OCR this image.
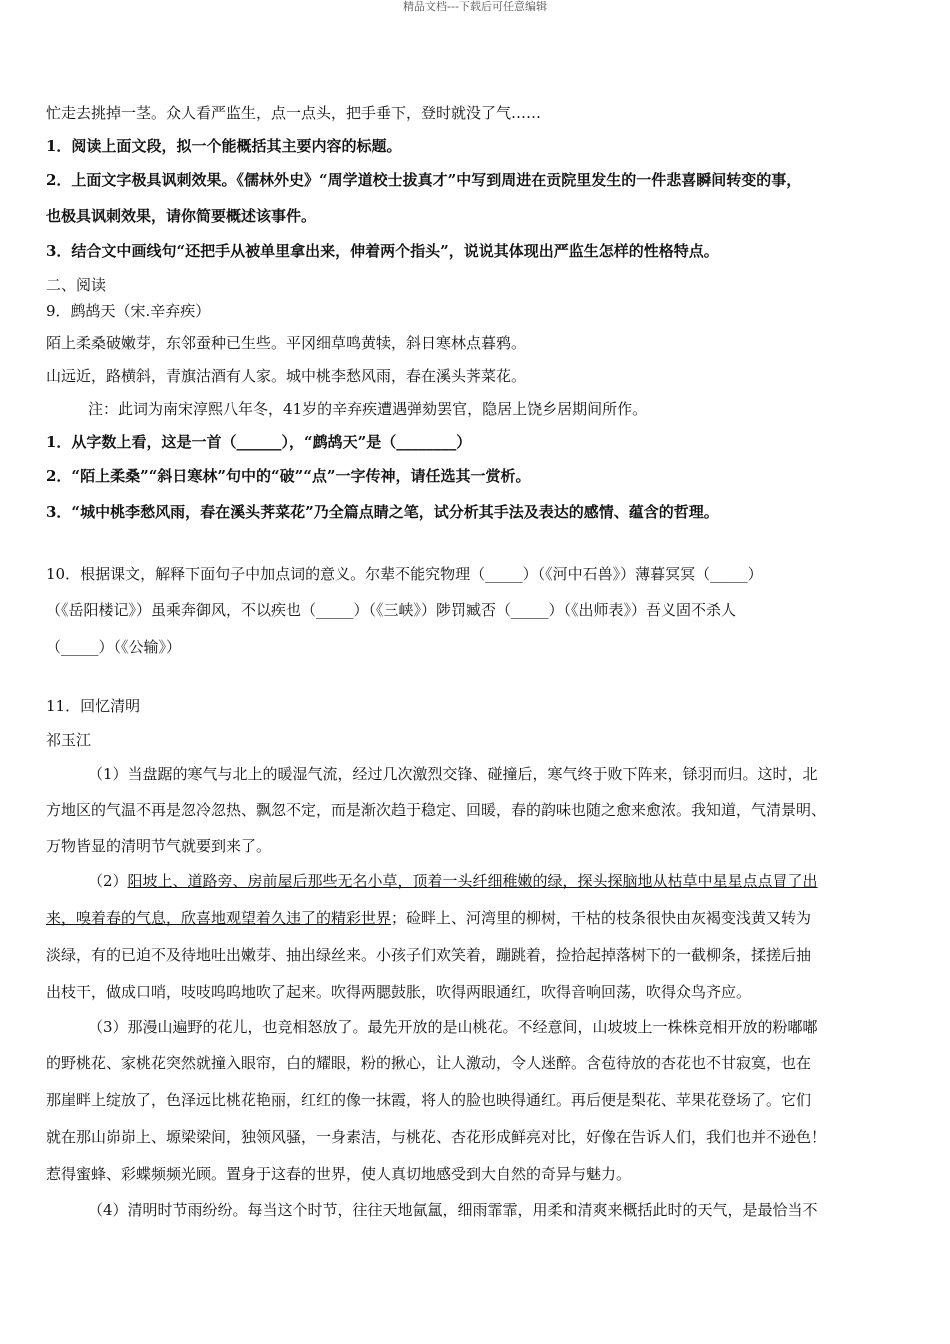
精品文档---下载后可任意编辑
忙走去挑掉一茎。众人看严监生，点一点头，把手垂下，登时就没了气……
1．阅读上面文段，拟一个能概括其主要内容的标题。
2．上面文字极具讽刺效果。《儒林外史》“周学道校士拔真才”中写到周进在贡院里发生的一件悲喜瞬间转变的事，
也极具讽刺效果，请你简要概述该事件。
3．结合文中画线句“还把手从被单里拿出来，伸着两个指头”，说说其体现出严监生怎样的性格特点。
二、阅读
9．鹧鸪天（宋.辛弃疾）
陌上柔桑破嫩芽，东邻蚕种已生些。平冈细草鸣黄犊，斜日寒林点暮鸦。
山远近，路横斜，青旗沽酒有人家。城中桃李愁风雨，春在溪头荠菜花。
注：此词为南宋淳熙八年冬，41岁的辛弃疾遭遇弹劾罢官，隐居上饶乡居期间所作。
1．从字数上看，这是一首（______），“鹧鸪天”是（________）
2．“陌上柔桑”“斜日寒林”句中的“破”“点”一字传神，请任选其一赏析。
3．“城中桃李愁风雨，春在溪头荠菜花”乃全篇点睛之笔，试分析其手法及表达的感情、蕴含的哲理。
10．根据课文，解释下面句子中加点词的意义。尔辈不能究物理（_____）（《河中石兽》）薄暮冥冥（_____）
（《岳阳楼记》）虽乘奔御风，不以疾也（_____）（《三峡》）陟罚臧否（_____）（《出师表》）吾义固不杀人
（_____）（《公输》）
11．回忆清明
祁玉江
（1）当盘踞的寒气与北上的暖湿气流，经过几次激烈交锋、碰撞后，寒气终于败下阵来，铩羽而归。这时，北
方地区的气温不再是忽冷忽热、飘忽不定，而是渐次趋于稳定、回暖，春的韵味也随之愈来愈浓。我知道，气清景明、
万物皆显的清明节气就要到来了。
（2）阳坡上、道路旁、房前屋后那些无名小草，顶着一头纤细稚嫩的绿，探头探脑地从枯草中星星点点冒了出
来，嗅着春的气息，欣喜地观望着久违了的精彩世界；硷畔上、河湾里的柳树，干枯的枝条很快由灰褐变浅黄又转为
淡绿，有的已迫不及待地吐出嫩芽、抽出绿丝来。小孩子们欢笑着，蹦跳着，捡拾起掉落树下的一截柳条，揉搓后抽
出枝干，做成口哨，吱吱呜呜地吹了起来。吹得两腮鼓胀，吹得两眼通红，吹得音响回荡，吹得众鸟齐应。
（3）那漫山遍野的花儿，也竞相怒放了。最先开放的是山桃花。不经意间，山坡坡上一株株竞相开放的粉嘟嘟
的野桃花、家桃花突然就撞入眼帘，白的耀眼，粉的揪心，让人激动，令人迷醉。含苞待放的杏花也不甘寂寞，也在
那崖畔上绽放了，色泽远比桃花艳丽，红红的像一抹霞，将人的脸也映得通红。再后便是梨花、苹果花登场了。它们
就在那山峁峁上、塬梁梁间，独领风骚，一身素洁，与桃花、杏花形成鲜亮对比，好像在告诉人们，我们也并不逊色！
惹得蜜蜂、彩蝶频频光顾。置身于这春的世界，使人真切地感受到大自然的奇异与魅力。
（4）清明时节雨纷纷。每当这个时节，往往天地氤氲，细雨霏霏，用柔和清爽来概括此时的天气，是最恰当不
